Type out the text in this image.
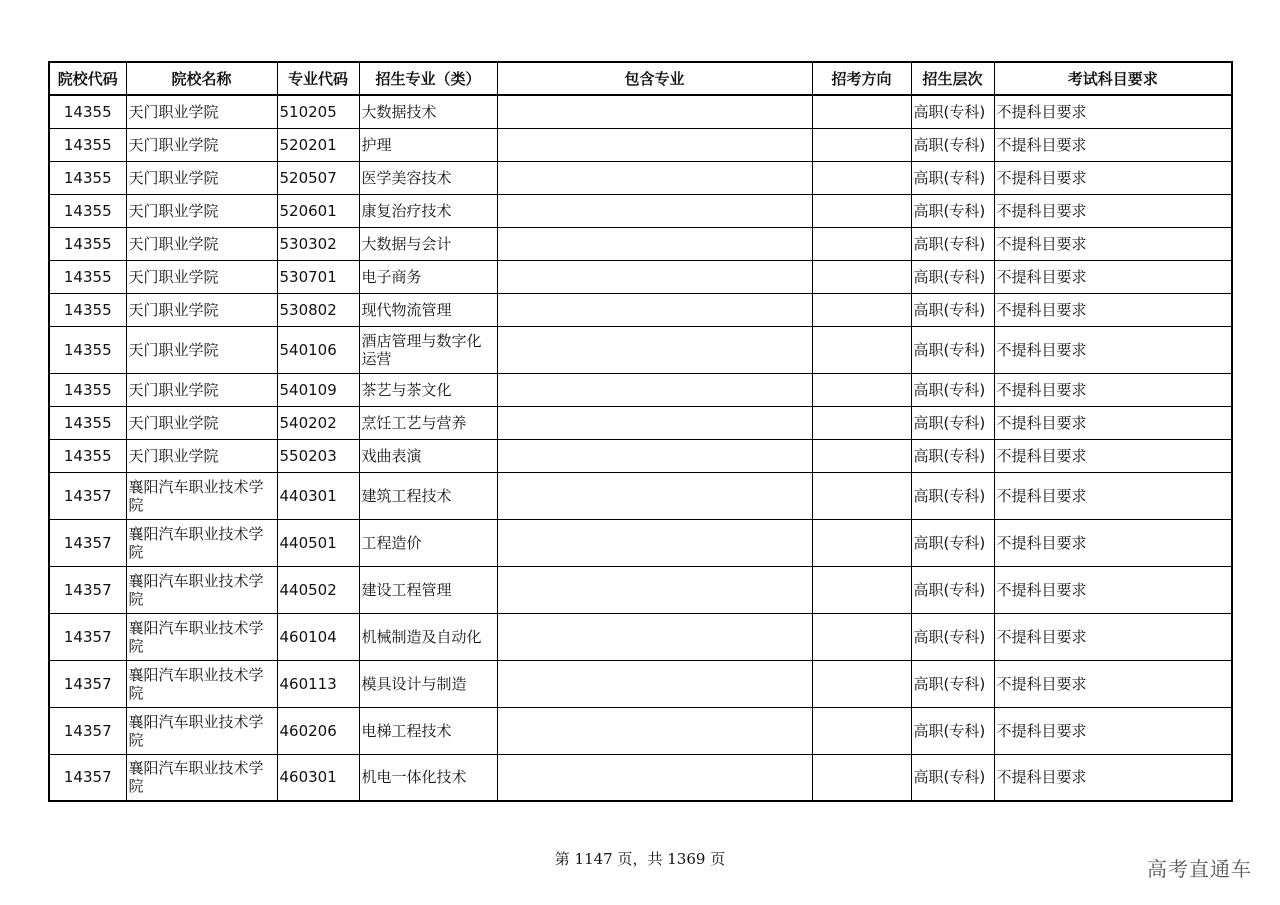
院校代码	院校名称	专业代码	招生专业（类）	包含专业	招考方向	招生层次	考试科目要求

14355	天门职业学院	510205	大数据技术			高职(专科)	不提科目要求

14355	天门职业学院	520201	护理			高职(专科)	不提科目要求

14355	天门职业学院	520507	医学美容技术			高职(专科)	不提科目要求

14355	天门职业学院	520601	康复治疗技术			高职(专科)	不提科目要求

14355	天门职业学院	530302	大数据与会计			高职(专科)	不提科目要求

14355	天门职业学院	530701	电子商务			高职(专科)	不提科目要求

14355	天门职业学院	530802	现代物流管理			高职(专科)	不提科目要求

14355	天门职业学院	540106	酒店管理与数字化运营			高职(专科)	不提科目要求

14355	天门职业学院	540109	茶艺与茶文化			高职(专科)	不提科目要求

14355	天门职业学院	540202	烹饪工艺与营养			高职(专科)	不提科目要求

14355	天门职业学院	550203	戏曲表演			高职(专科)	不提科目要求

14357	襄阳汽车职业技术学院	440301	建筑工程技术			高职(专科)	不提科目要求

14357	襄阳汽车职业技术学院	440501	工程造价			高职(专科)	不提科目要求

14357	襄阳汽车职业技术学院	440502	建设工程管理			高职(专科)	不提科目要求

14357	襄阳汽车职业技术学院	460104	机械制造及自动化			高职(专科)	不提科目要求

14357	襄阳汽车职业技术学院	460113	模具设计与制造			高职(专科)	不提科目要求

14357	襄阳汽车职业技术学院	460206	电梯工程技术			高职(专科)	不提科目要求

14357	襄阳汽车职业技术学院	460301	机电一体化技术			高职(专科)	不提科目要求
第 1147 页，共 1369 页	高考直通车
